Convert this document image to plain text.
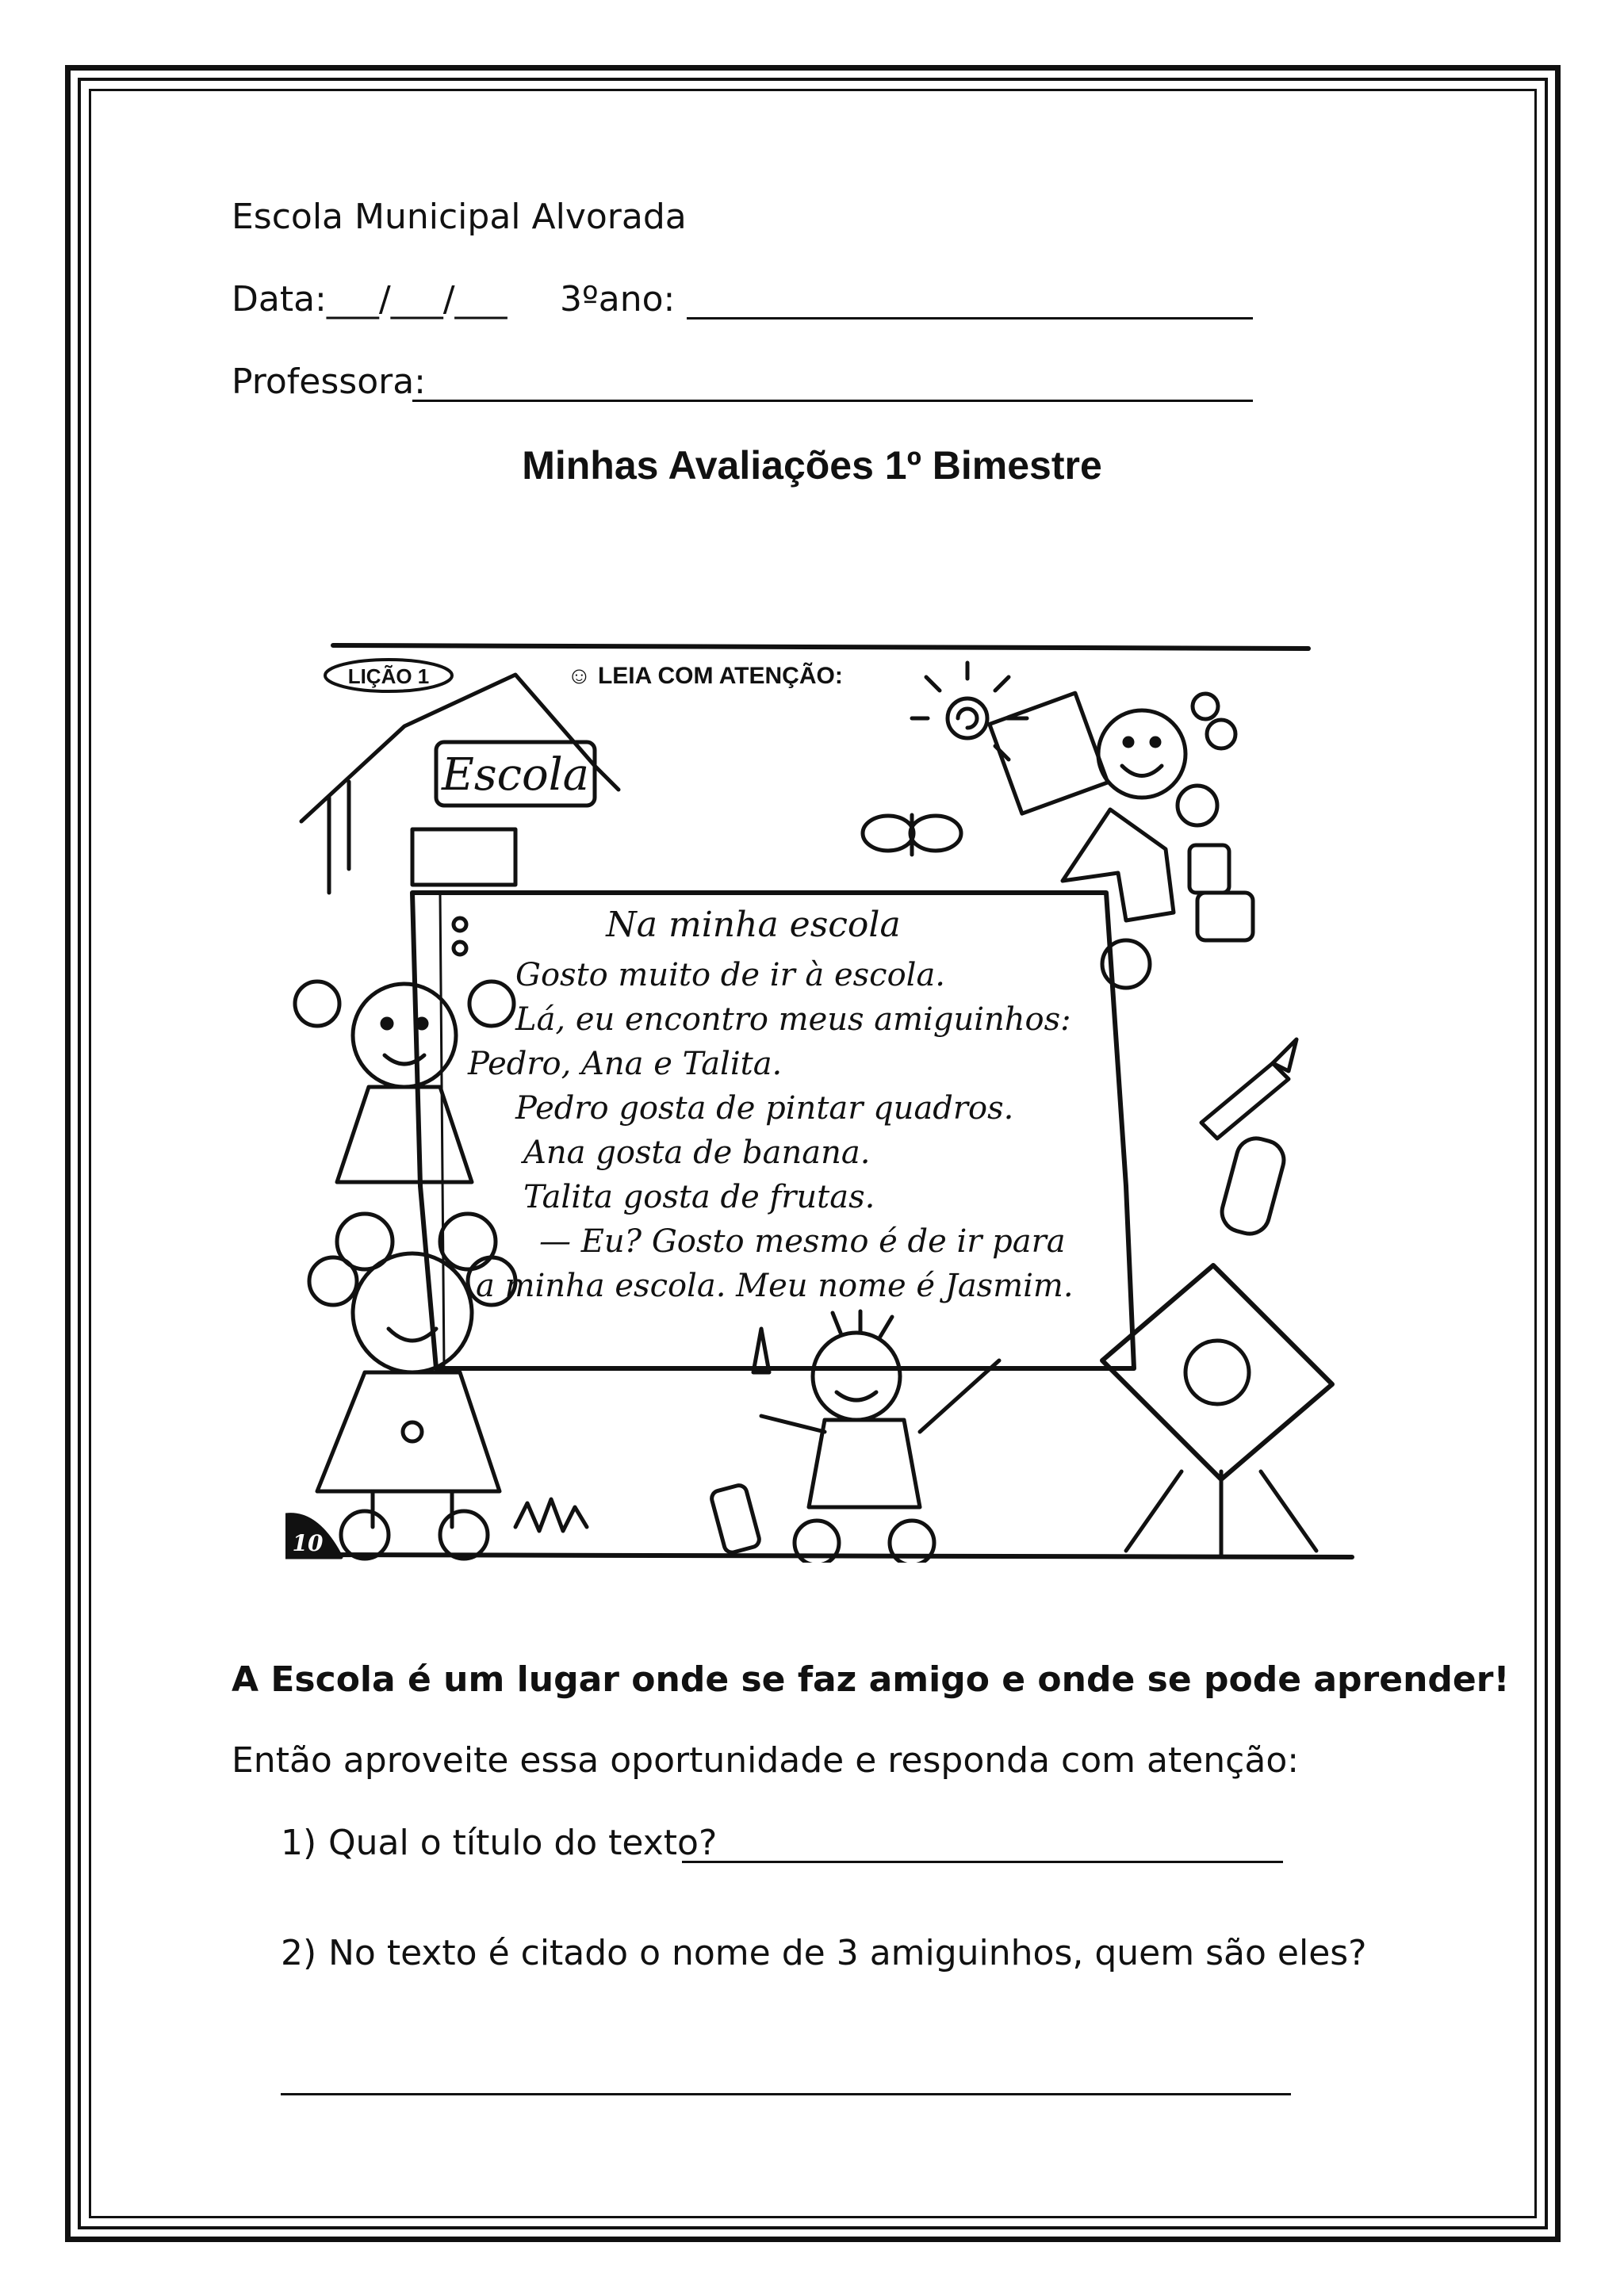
Escola Municipal Alvorada
Data:___/___/___ 3ºano:
Professora:
Minhas Avaliações 1º Bimestre
LIÇÃO 1	☺ LEIA COM ATENÇÃO:
Escola
Na minha escola
Gosto muito de ir à escola.
Lá, eu encontro meus amiguinhos:
Pedro, Ana e Talita.
Pedro gosta de pintar quadros.
Ana gosta de banana.
Talita gosta de frutas.
— Eu? Gosto mesmo é de ir para
a minha escola. Meu nome é Jasmim.
10
A Escola é um lugar onde se faz amigo e onde se pode aprender!
Então aproveite essa oportunidade e responda com atenção:
1) Qual o título do texto?
2) No texto é citado o nome de 3 amiguinhos, quem são eles?
